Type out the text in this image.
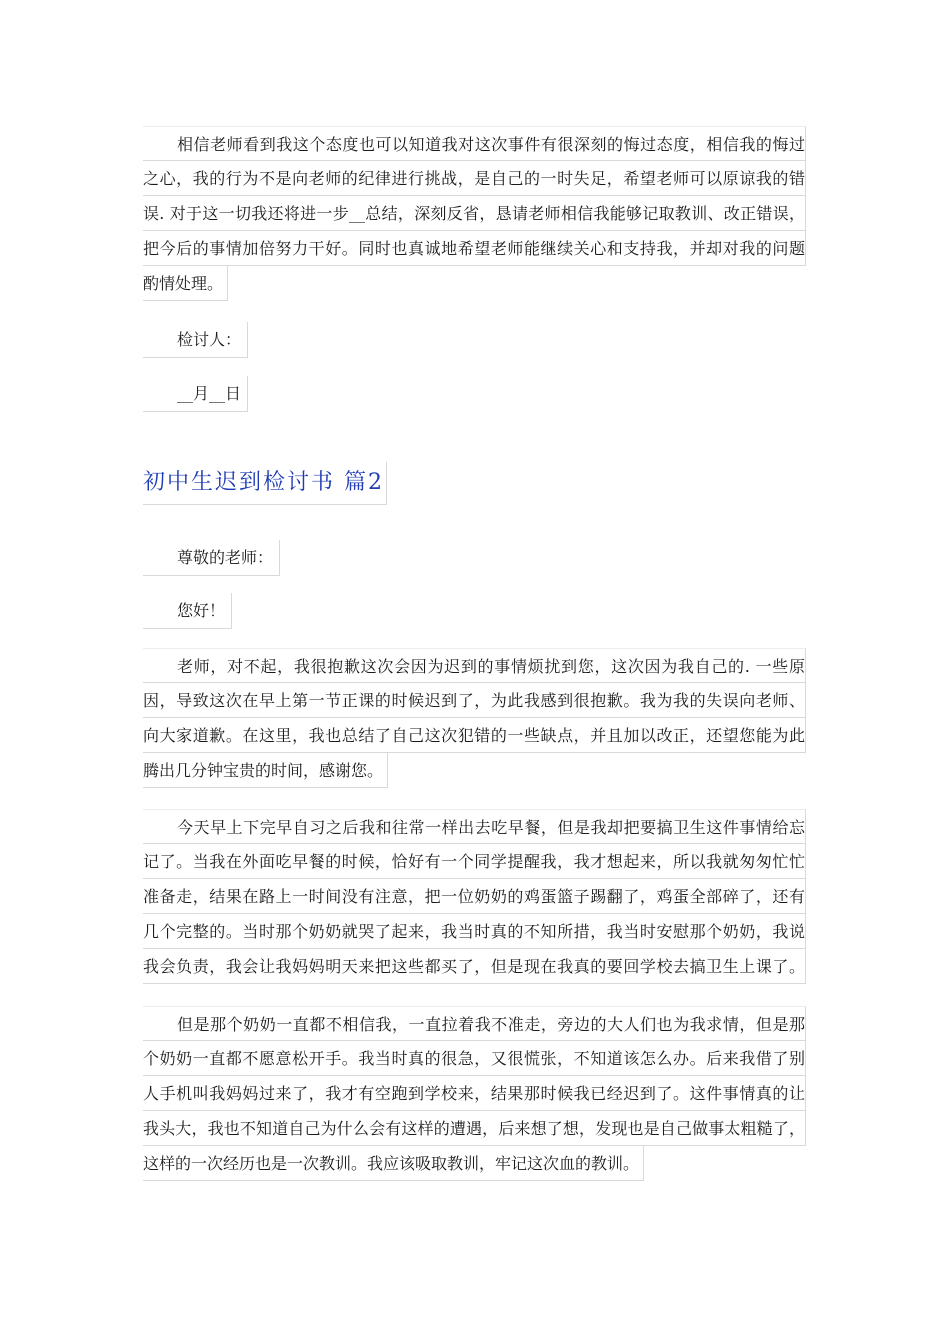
相信老师看到我这个态度也可以知道我对这次事件有很深刻的悔过态度，相信我的悔过
之心，我的行为不是向老师的纪律进行挑战，是自己的一时失足，希望老师可以原谅我的错
误. 对于这一切我还将进一步__总结，深刻反省，恳请老师相信我能够记取教训、改正错误，
把今后的事情加倍努力干好。同时也真诚地希望老师能继续关心和支持我，并却对我的问题
酌情处理。
检讨人：
__月__日
初中生迟到检讨书 篇2
尊敬的老师：
您好！
老师，对不起，我很抱歉这次会因为迟到的事情烦扰到您，这次因为我自己的. 一些原
因，导致这次在早上第一节正课的时候迟到了，为此我感到很抱歉。我为我的失误向老师、
向大家道歉。在这里，我也总结了自己这次犯错的一些缺点，并且加以改正，还望您能为此
腾出几分钟宝贵的时间，感谢您。
今天早上下完早自习之后我和往常一样出去吃早餐，但是我却把要搞卫生这件事情给忘
记了。当我在外面吃早餐的时候，恰好有一个同学提醒我，我才想起来，所以我就匆匆忙忙
准备走，结果在路上一时间没有注意，把一位奶奶的鸡蛋篮子踢翻了，鸡蛋全部碎了，还有
几个完整的。当时那个奶奶就哭了起来，我当时真的不知所措，我当时安慰那个奶奶，我说
我会负责，我会让我妈妈明天来把这些都买了，但是现在我真的要回学校去搞卫生上课了。
但是那个奶奶一直都不相信我，一直拉着我不准走，旁边的大人们也为我求情，但是那
个奶奶一直都不愿意松开手。我当时真的很急，又很慌张，不知道该怎么办。后来我借了别
人手机叫我妈妈过来了，我才有空跑到学校来，结果那时候我已经迟到了。这件事情真的让
我头大，我也不知道自己为什么会有这样的遭遇，后来想了想，发现也是自己做事太粗糙了，
这样的一次经历也是一次教训。我应该吸取教训，牢记这次血的教训。
